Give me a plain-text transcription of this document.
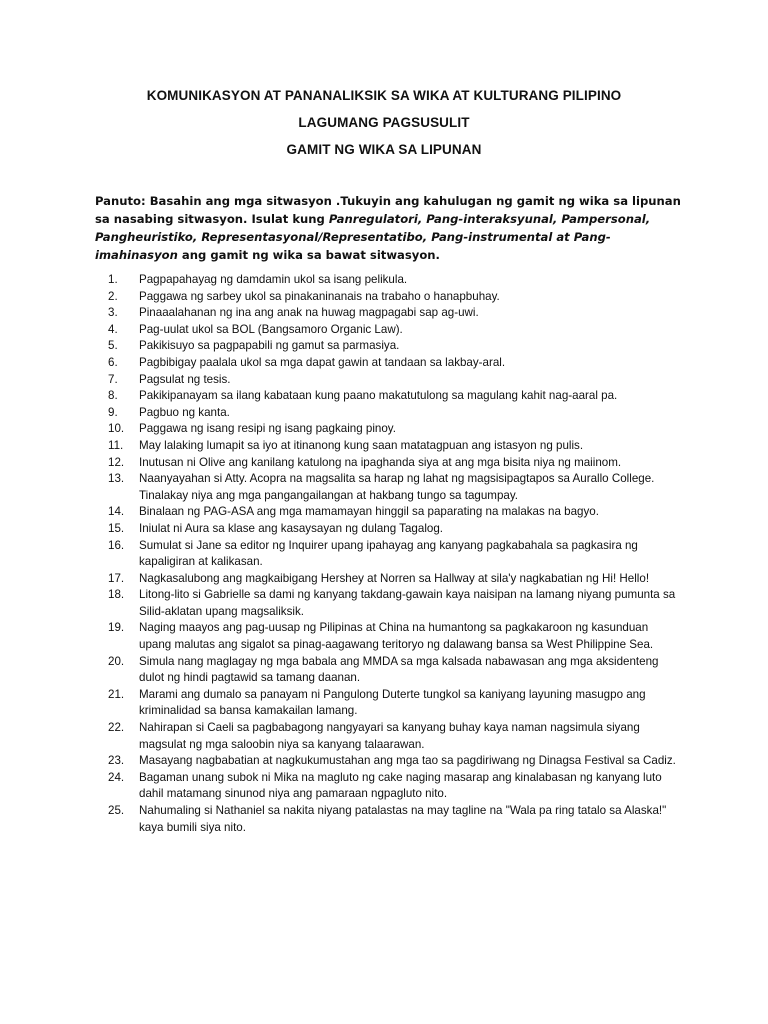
KOMUNIKASYON AT PANANALIKSIK SA WIKA AT KULTURANG PILIPINO
LAGUMANG PAGSUSULIT
GAMIT NG WIKA SA LIPUNAN
Panuto: Basahin ang mga sitwasyon .Tukuyin ang kahulugan ng gamit ng wika sa lipunan sa nasabing sitwasyon. Isulat kung Panregulatori, Pang-interaksyunal, Pampersonal, Pangheuristiko, Representasyonal/Representatibo, Pang-instrumental at Pang-imahinasyon ang gamit ng wika sa bawat sitwasyon.
1.	Pagpapahayag ng damdamin ukol sa isang pelikula.
2.	Paggawa ng sarbey ukol sa pinakaninanais na trabaho o hanapbuhay.
3.	Pinaaalahanan ng ina ang anak na huwag magpagabi sap ag-uwi.
4.	Pag-uulat ukol sa BOL (Bangsamoro Organic Law).
5.	Pakikisuyo sa pagpapabili ng gamut sa parmasiya.
6.	Pagbibigay paalala ukol sa mga dapat gawin at tandaan sa lakbay-aral.
7.	Pagsulat ng tesis.
8.	Pakikipanayam sa ilang kabataan kung paano makatutulong sa magulang kahit nag-aaral pa.
9.	Pagbuo ng kanta.
10.	Paggawa ng isang resipi ng isang pagkaing pinoy.
11.	May lalaking lumapit sa iyo at itinanong kung saan matatagpuan ang istasyon ng pulis.
12.	Inutusan ni Olive ang kanilang katulong na ipaghanda siya at ang mga bisita niya ng maiinom.
13.	Naanyayahan si Atty. Acopra na magsalita sa harap ng lahat ng magsisipagtapos sa Aurallo College. Tinalakay niya ang mga pangangailangan at hakbang tungo sa tagumpay.
14.	Binalaan ng PAG-ASA ang mga mamamayan hinggil sa paparating na malakas na bagyo.
15.	Iniulat ni Aura sa klase ang kasaysayan ng dulang Tagalog.
16.	Sumulat si Jane sa editor ng Inquirer upang ipahayag ang kanyang pagkabahala sa pagkasira ng kapaligiran at kalikasan.
17.	Nagkasalubong ang magkaibigang Hershey at Norren sa Hallway at sila'y nagkabatian ng Hi! Hello!
18.	Litong-lito si Gabrielle sa dami ng kanyang takdang-gawain kaya naisipan na lamang niyang pumunta sa Silid-aklatan upang magsaliksik.
19.	Naging maayos ang pag-uusap ng Pilipinas at China na humantong sa pagkakaroon ng kasunduan upang malutas ang sigalot sa pinag-aagawang teritoryo ng dalawang bansa sa West Philippine Sea.
20.	Simula nang maglagay ng mga babala ang MMDA sa mga kalsada nabawasan ang mga aksidenteng dulot ng hindi pagtawid sa tamang daanan.
21.	Marami ang dumalo sa panayam ni Pangulong Duterte tungkol sa kaniyang layuning masugpo ang kriminalidad sa bansa kamakailan lamang.
22.	Nahirapan si Caeli sa pagbabagong nangyayari sa kanyang buhay kaya naman nagsimula siyang magsulat ng mga saloobin niya sa kanyang talaarawan.
23.	Masayang nagbabatian at nagkukumustahan ang mga tao sa pagdiriwang ng Dinagsa Festival sa Cadiz.
24.	Bagaman unang subok ni Mika na magluto ng cake naging masarap ang kinalabasan ng kanyang luto dahil matamang sinunod niya ang pamaraan ngpagluto nito.
25.	Nahumaling si Nathaniel sa nakita niyang patalastas na may tagline na "Wala pa ring tatalo sa Alaska!" kaya bumili siya nito.
